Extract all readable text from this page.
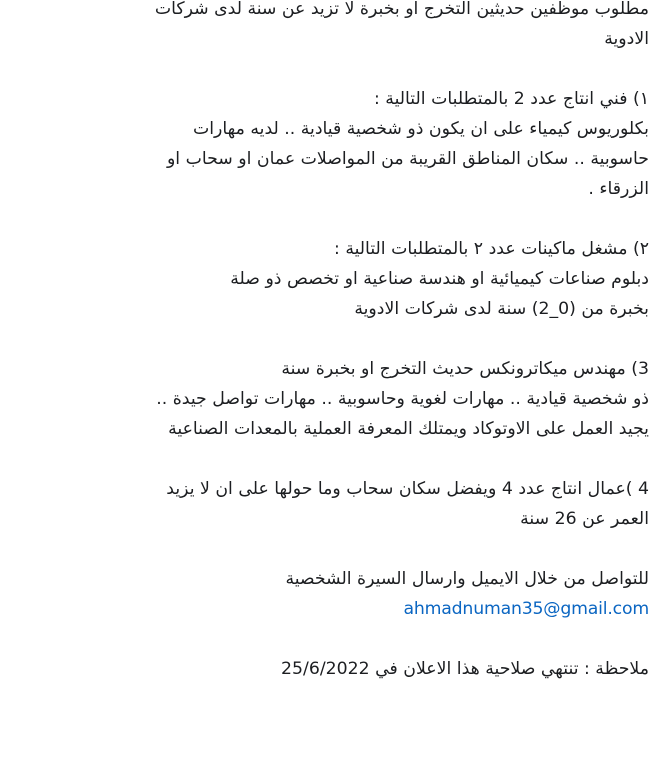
مطلوب موظفين حديثين التخرج او بخبرة لا تزيد عن سنة لدى شركات
الادوية

١) فني انتاج عدد 2 بالمتطلبات التالية :
بكلوريوس كيمياء على ان يكون ذو شخصية قيادية .. لديه مهارات
حاسوبية .. سكان المناطق القريبة من المواصلات عمان او سحاب او
الزرقاء .

٢) مشغل ماكينات عدد ٢ بالمتطلبات التالية :
دبلوم صناعات كيميائية او هندسة صناعية او تخصص ذو صلة
بخبرة من (0_2) سنة لدى شركات الادوية

3) مهندس ميكاترونكس حديث التخرج او بخبرة سنة
ذو شخصية قيادية .. مهارات لغوية وحاسوبية .. مهارات تواصل جيدة ..
يجيد العمل على الاوتوكاد ويمتلك المعرفة العملية بالمعدات الصناعية

4 )عمال انتاج عدد 4 ويفضل سكان سحاب وما حولها على ان لا يزيد
العمر عن 26 سنة

للتواصل من خلال الايميل وارسال السيرة الشخصية
ahmadnuman35@gmail.com

ملاحظة : تنتهي صلاحية هذا الاعلان في 25/6/2022
